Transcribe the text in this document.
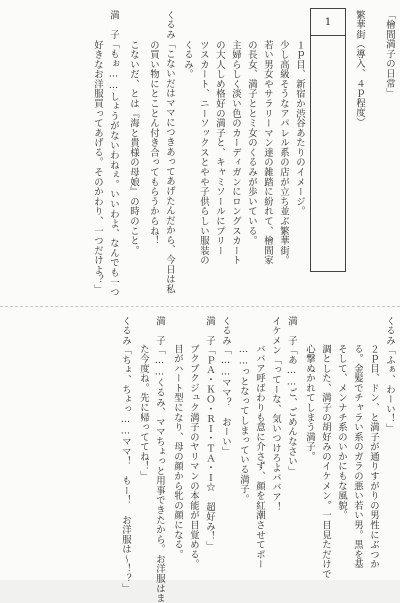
1	「檜間満子の日常」
繁華街（導入、４ｐ程度）
１ｐ目、新宿か渋谷あたりのイメージ。
少し高級そうなアパレル系の店が立ち並ぶ繁華街。
若い男女やサラリーマン達の雑踏に紛れて、檜間家
の長女、満子ととミ女のくるみが歩いている。
主婦らしく淡い色のカーディガンにロングスカート
の大人しめ格好の満子と、キャミソールにプリー
ツスカート、ニーソックスとやや子供らしい服装の
くるみ。
くるみ「こないだはママにつきあってあげたんだから、今日は私
の買い物にとことん付き合ってもらうからね！
こないだ、とは『海と貴様の母娘』の時のこと。
満　子「もぉ……しょうがないわねぇ。いいわよ、なんでも一つ
好きなお洋服買ってあげる。そのかわり、一つだけよ？」
くるみ「ふぁ、わーい！」
２ｐ目、ドン、と満子が通りすがりの男性にぶつか
る。金髪でチャラい系のガラの悪い若い男。黒を基
そして、メンナチ系のいかにもな風貌。
調とした、満子の胡好みのイケメン。一目見ただけで
心撃ぬかれてしまう満子。
満　子「あ……ご、ごめんなさい」
イケメン「ってーな、気いつけろよババア！
ババア呼ばわりも意に介さず、顔を紅潮させてポー
……っとなってしまっている満子。
くるみ「……ママ？　おーい」
満　子「ＰＡ・ＫＯ・ＲＩ・ＴＡ・Ｉ☆　超好み！」
ブクブクジュク満子のヤリマンの本能が目覚める。
目がハート型になり、母の顔から牝の顔になる。
満　子「……くるみ、ママちょっと用事できたから。お洋服はま
た今度ね。先に帰っててね！」
くるみ「ちょ、ちょっ……ママ！　もー！　お洋服は～！？」
